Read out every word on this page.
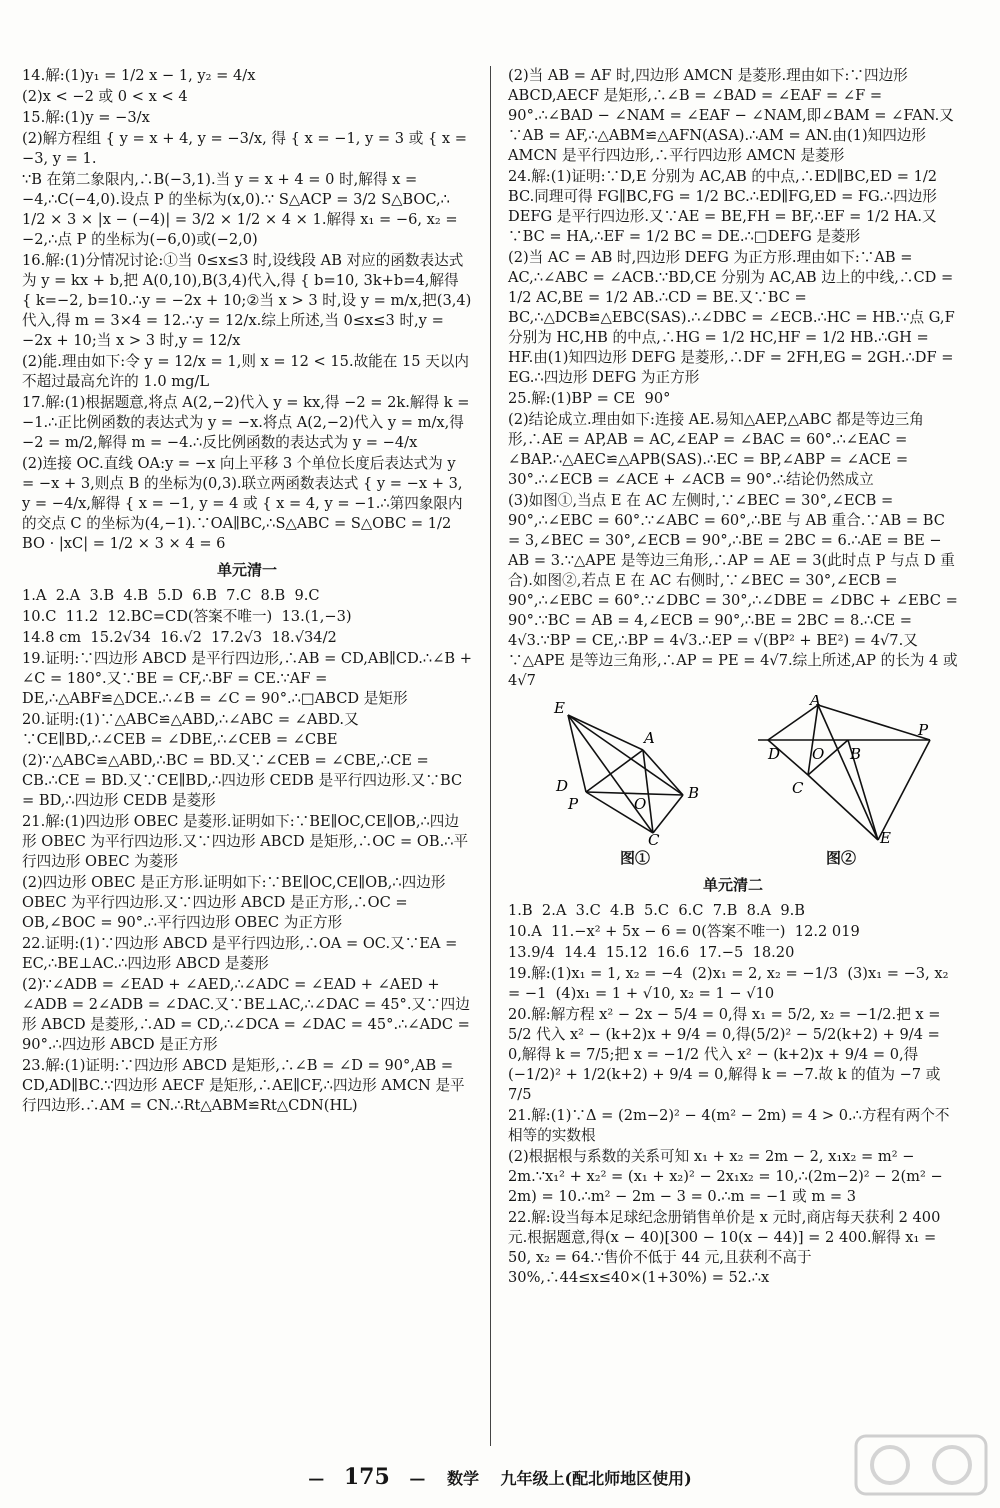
14.解:(1)y₁ = 1/2 x − 1, y₂ = 4/x

(2)x < −2 或 0 < x < 4

15.解:(1)y = −3/x

(2)解方程组 { y = x + 4, y = −3/x, 得 { x = −1, y = 3 或 { x = −3, y = 1.

∵B 在第二象限内,∴B(−3,1).当 y = x + 4 = 0 时,解得 x = −4,∴C(−4,0).设点 P 的坐标为(x,0).∵ S△ACP = 3/2 S△BOC,∴ 1/2 × 3 × |x − (−4)| = 3/2 × 1/2 × 4 × 1.解得 x₁ = −6, x₂ = −2,∴点 P 的坐标为(−6,0)或(−2,0)

16.解:(1)分情况讨论:①当 0≤x≤3 时,设线段 AB 对应的函数表达式为 y = kx + b,把 A(0,10),B(3,4)代入,得 { b=10, 3k+b=4,解得 { k=−2, b=10.∴y = −2x + 10;②当 x > 3 时,设 y = m/x,把(3,4)代入,得 m = 3×4 = 12.∴y = 12/x.综上所述,当 0≤x≤3 时,y = −2x + 10;当 x > 3 时,y = 12/x

(2)能.理由如下:令 y = 12/x = 1,则 x = 12 < 15.故能在 15 天以内不超过最高允许的 1.0 mg/L

17.解:(1)根据题意,将点 A(2,−2)代入 y = kx,得 −2 = 2k.解得 k = −1.∴正比例函数的表达式为 y = −x.将点 A(2,−2)代入 y = m/x,得 −2 = m/2,解得 m = −4.∴反比例函数的表达式为 y = −4/x

(2)连接 OC.直线 OA:y = −x 向上平移 3 个单位长度后表达式为 y = −x + 3,则点 B 的坐标为(0,3).联立两函数表达式 { y = −x + 3, y = −4/x,解得 { x = −1, y = 4 或 { x = 4, y = −1.∴第四象限内的交点 C 的坐标为(4,−1).∵OA∥BC,∴S△ABC = S△OBC = 1/2 BO · |xC| = 1/2 × 3 × 4 = 6

单元清一

1.A  2.A  3.B  4.B  5.D  6.B  7.C  8.B  9.C

10.C  11.2  12.BC=CD(答案不唯一)  13.(1,−3)

14.8 cm  15.2√34  16.√2  17.2√3  18.√34/2

19.证明:∵四边形 ABCD 是平行四边形,∴AB = CD,AB∥CD.∴∠B + ∠C = 180°.又∵BE = CF,∴BF = CE.∵AF = DE,∴△ABF≌△DCE.∴∠B = ∠C = 90°.∴□ABCD 是矩形

20.证明:(1)∵△ABC≌△ABD,∴∠ABC = ∠ABD.又∵CE∥BD,∴∠CEB = ∠DBE,∴∠CEB = ∠CBE

(2)∵△ABC≌△ABD,∴BC = BD.又∵∠CEB = ∠CBE,∴CE = CB.∴CE = BD.又∵CE∥BD,∴四边形 CEDB 是平行四边形.又∵BC = BD,∴四边形 CEDB 是菱形

21.解:(1)四边形 OBEC 是菱形.证明如下:∵BE∥OC,CE∥OB,∴四边形 OBEC 为平行四边形.又∵四边形 ABCD 是矩形,∴OC = OB.∴平行四边形 OBEC 为菱形

(2)四边形 OBEC 是正方形.证明如下:∵BE∥OC,CE∥OB,∴四边形 OBEC 为平行四边形.又∵四边形 ABCD 是正方形,∴OC = OB,∠BOC = 90°.∴平行四边形 OBEC 为正方形

22.证明:(1)∵四边形 ABCD 是平行四边形,∴OA = OC.又∵EA = EC,∴BE⊥AC.∴四边形 ABCD 是菱形

(2)∵∠ADB = ∠EAD + ∠AED,∴∠ADC = ∠EAD + ∠AED + ∠ADB = 2∠ADB = ∠DAC.又∵BE⊥AC,∴∠DAC = 45°.又∵四边形 ABCD 是菱形,∴AD = CD,∴∠DCA = ∠DAC = 45°.∴∠ADC = 90°.∴四边形 ABCD 是正方形

23.解:(1)证明:∵四边形 ABCD 是矩形,∴∠B = ∠D = 90°,AB = CD,AD∥BC.∵四边形 AECF 是矩形,∴AE∥CF,∴四边形 AMCN 是平行四边形.∴AM = CN.∴Rt△ABM≌Rt△CDN(HL)

(2)当 AB = AF 时,四边形 AMCN 是菱形.理由如下:∵四边形 ABCD,AECF 是矩形,∴∠B = ∠BAD = ∠EAF = ∠F = 90°.∴∠BAD − ∠NAM = ∠EAF − ∠NAM,即∠BAM = ∠FAN.又∵AB = AF,∴△ABM≌△AFN(ASA).∴AM = AN.由(1)知四边形 AMCN 是平行四边形,∴平行四边形 AMCN 是菱形

24.解:(1)证明:∵D,E 分别为 AC,AB 的中点,∴ED∥BC,ED = 1/2 BC.同理可得 FG∥BC,FG = 1/2 BC.∴ED∥FG,ED = FG.∴四边形 DEFG 是平行四边形.又∵AE = BE,FH = BF,∴EF = 1/2 HA.又∵BC = HA,∴EF = 1/2 BC = DE.∴□DEFG 是菱形

(2)当 AC = AB 时,四边形 DEFG 为正方形.理由如下:∵AB = AC,∴∠ABC = ∠ACB.∵BD,CE 分别为 AC,AB 边上的中线,∴CD = 1/2 AC,BE = 1/2 AB.∴CD = BE.又∵BC = BC,∴△DCB≌△EBC(SAS).∴∠DBC = ∠ECB.∴HC = HB.∵点 G,F 分别为 HC,HB 的中点,∴HG = 1/2 HC,HF = 1/2 HB.∴GH = HF.由(1)知四边形 DEFG 是菱形,∴DF = 2FH,EG = 2GH.∴DF = EG.∴四边形 DEFG 为正方形

25.解:(1)BP = CE  90°

(2)结论成立.理由如下:连接 AE.易知△AEP,△ABC 都是等边三角形,∴AE = AP,AB = AC,∠EAP = ∠BAC = 60°.∴∠EAC = ∠BAP.∴△AEC≌△APB(SAS).∴EC = BP,∠ABP = ∠ACE = 30°.∴∠ECB = ∠ACE + ∠ACB = 90°.∴结论仍然成立

(3)如图①,当点 E 在 AC 左侧时,∵∠BEC = 30°,∠ECB = 90°,∴∠EBC = 60°.∵∠ABC = 60°,∴BE 与 AB 重合.∵AB = BC = 3,∠BEC = 30°,∠ECB = 90°,∴BE = 2BC = 6.∴AE = BE − AB = 3.∵△APE 是等边三角形,∴AP = AE = 3(此时点 P 与点 D 重合).如图②,若点 E 在 AC 右侧时,∵∠BEC = 30°,∠ECB = 90°,∴∠EBC = 60°.∵∠DBC = 30°,∴∠DBE = ∠DBC + ∠EBC = 90°.∵BC = AB = 4,∠ECB = 90°,∴BE = 2BC = 8.∴CE = 4√3.∵BP = CE,∴BP = 4√3.∴EP = √(BP² + BE²) = 4√7.又∵△APE 是等边三角形,∴AP = PE = 4√7.综上所述,AP 的长为 4 或 4√7

E
A
B
D
P	O
C
A
D O B
P
E
C
图①	图②

单元清二

1.B  2.A  3.C  4.B  5.C  6.C  7.B  8.A  9.B

10.A  11.−x² + 5x − 6 = 0(答案不唯一)  12.2 019

13.9/4  14.4  15.12  16.6  17.−5  18.20

19.解:(1)x₁ = 1, x₂ = −4  (2)x₁ = 2, x₂ = −1/3  (3)x₁ = −3, x₂ = −1  (4)x₁ = 1 + √10, x₂ = 1 − √10

20.解:解方程 x² − 2x − 5/4 = 0,得 x₁ = 5/2, x₂ = −1/2.把 x = 5/2 代入 x² − (k+2)x + 9/4 = 0,得(5/2)² − 5/2(k+2) + 9/4 = 0,解得 k = 7/5;把 x = −1/2 代入 x² − (k+2)x + 9/4 = 0,得(−1/2)² + 1/2(k+2) + 9/4 = 0,解得 k = −7.故 k 的值为 −7 或 7/5

21.解:(1)∵Δ = (2m−2)² − 4(m² − 2m) = 4 > 0.∴方程有两个不相等的实数根

(2)根据根与系数的关系可知 x₁ + x₂ = 2m − 2, x₁x₂ = m² − 2m.∵x₁² + x₂² = (x₁ + x₂)² − 2x₁x₂ = 10,∴(2m−2)² − 2(m² − 2m) = 10.∴m² − 2m − 3 = 0.∴m = −1 或 m = 3

22.解:设当每本足球纪念册销售单价是 x 元时,商店每天获利 2 400 元.根据题意,得(x − 40)[300 − 10(x − 44)] = 2 400.解得 x₁ = 50, x₂ = 64.∵售价不低于 44 元,且获利不高于 30%,∴44≤x≤40×(1+30%) = 52.∴x

— 175 — 数学 九年级上(配北师地区使用)
